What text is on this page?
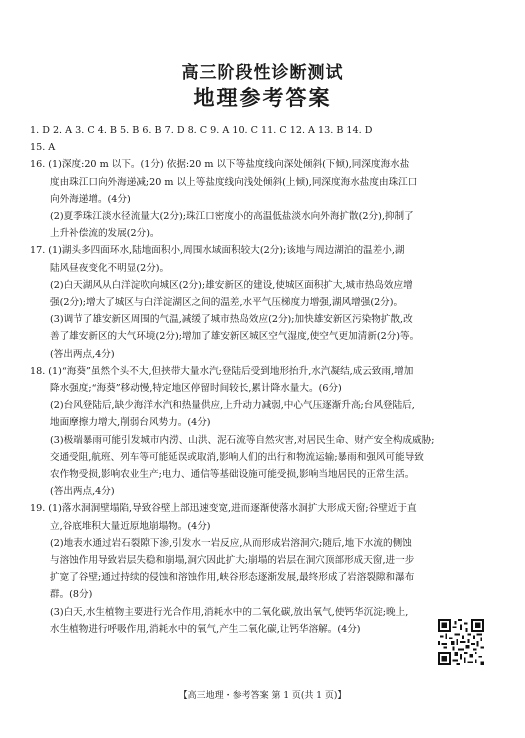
高三阶段性诊断测试
地理参考答案

1. D 2. A 3. C 4. B 5. B 6. B 7. D 8. C 9. A 10. C 11. C 12. A 13. B 14. D

15. A

16. (1)深度:20 m 以下。(1分) 依据:20 m 以下等盐度线向深处倾斜(下倾),同深度海水盐

度由珠江口向外海递减;20 m 以上等盐度线向浅处倾斜(上倾),同深度海水盐度由珠江口

向外海递增。(4分)

(2)夏季珠江淡水径流量大(2分);珠江口密度小的高温低盐淡水向外海扩散(2分),抑制了

上升补偿流的发展(2分)。

17. (1)湖头多四面环水,陆地面积小,周围水域面积较大(2分);该地与周边湖泊的温差小,湖

陆风昼夜变化不明显(2分)。

(2)白天湖风从白洋淀吹向城区(2分);雄安新区的建设,使城区面积扩大,城市热岛效应增

强(2分);增大了城区与白洋淀湖区之间的温差,水平气压梯度力增强,湖风增强(2分)。

(3)调节了雄安新区周围的气温,减缓了城市热岛效应(2分);加快雄安新区污染物扩散,改

善了雄安新区的大气环境(2分);增加了雄安新区城区空气湿度,使空气更加清新(2分)等。

(答出两点,4分)

18. (1)“海葵”虽然个头不大,但挟带大量水汽;登陆后受到地形抬升,水汽凝结,成云致雨,增加

降水强度;“海葵”移动慢,特定地区停留时间较长,累计降水量大。(6分)

(2)台风登陆后,缺少海洋水汽和热量供应,上升动力减弱,中心气压逐渐升高;台风登陆后,

地面摩擦力增大,削弱台风势力。(4分)

(3)极端暴雨可能引发城市内涝、山洪、泥石流等自然灾害,对居民生命、财产安全构成威胁;

交通受阻,航班、列车等可能延误或取消,影响人们的出行和物流运输;暴雨和强风可能导致

农作物受损,影响农业生产;电力、通信等基础设施可能受损,影响当地居民的正常生活。

(答出两点,4分)

19. (1)落水洞洞壁塌陷,导致谷壁上部迅速变宽,进而逐渐使落水洞扩大形成天窗;谷壁近于直

立,谷底堆积大量近原地崩塌物。(4分)

(2)地表水通过岩石裂隙下渗,引发水一岩反应,从而形成岩溶洞穴;随后,地下水流的侧蚀

与溶蚀作用导致岩层失稳和崩塌,洞穴因此扩大;崩塌的岩层在洞穴顶部形成天窗,进一步

扩宽了谷壁;通过持续的侵蚀和溶蚀作用,峡谷形态逐渐发展,最终形成了岩溶裂隙和瀑布

群。(8分)

(3)白天,水生植物主要进行光合作用,消耗水中的二氧化碳,放出氧气,使钙华沉淀;晚上,

水生植物进行呼吸作用,消耗水中的氧气,产生二氧化碳,让钙华溶解。(4分)

【高三地理・参考答案 第 1 页(共 1 页)】
